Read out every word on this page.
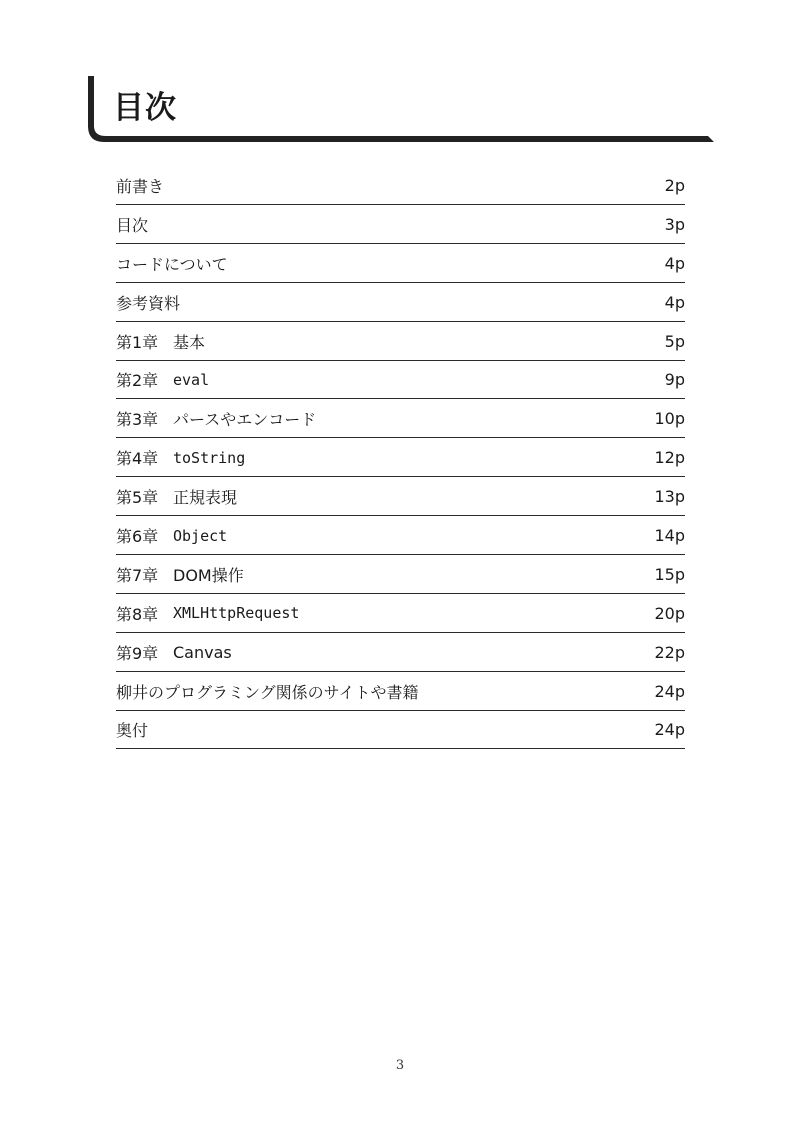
目次
前書き	2p
目次	3p
コードについて	4p
参考資料	4p
第1章 基本	5p
第2章 eval	9p
第3章 パースやエンコード	10p
第4章 toString	12p
第5章 正規表現	13p
第6章 Object	14p
第7章 DOM操作	15p
第8章 XMLHttpRequest	20p
第9章 Canvas	22p
柳井のプログラミング関係のサイトや書籍	24p
奥付	24p
3
